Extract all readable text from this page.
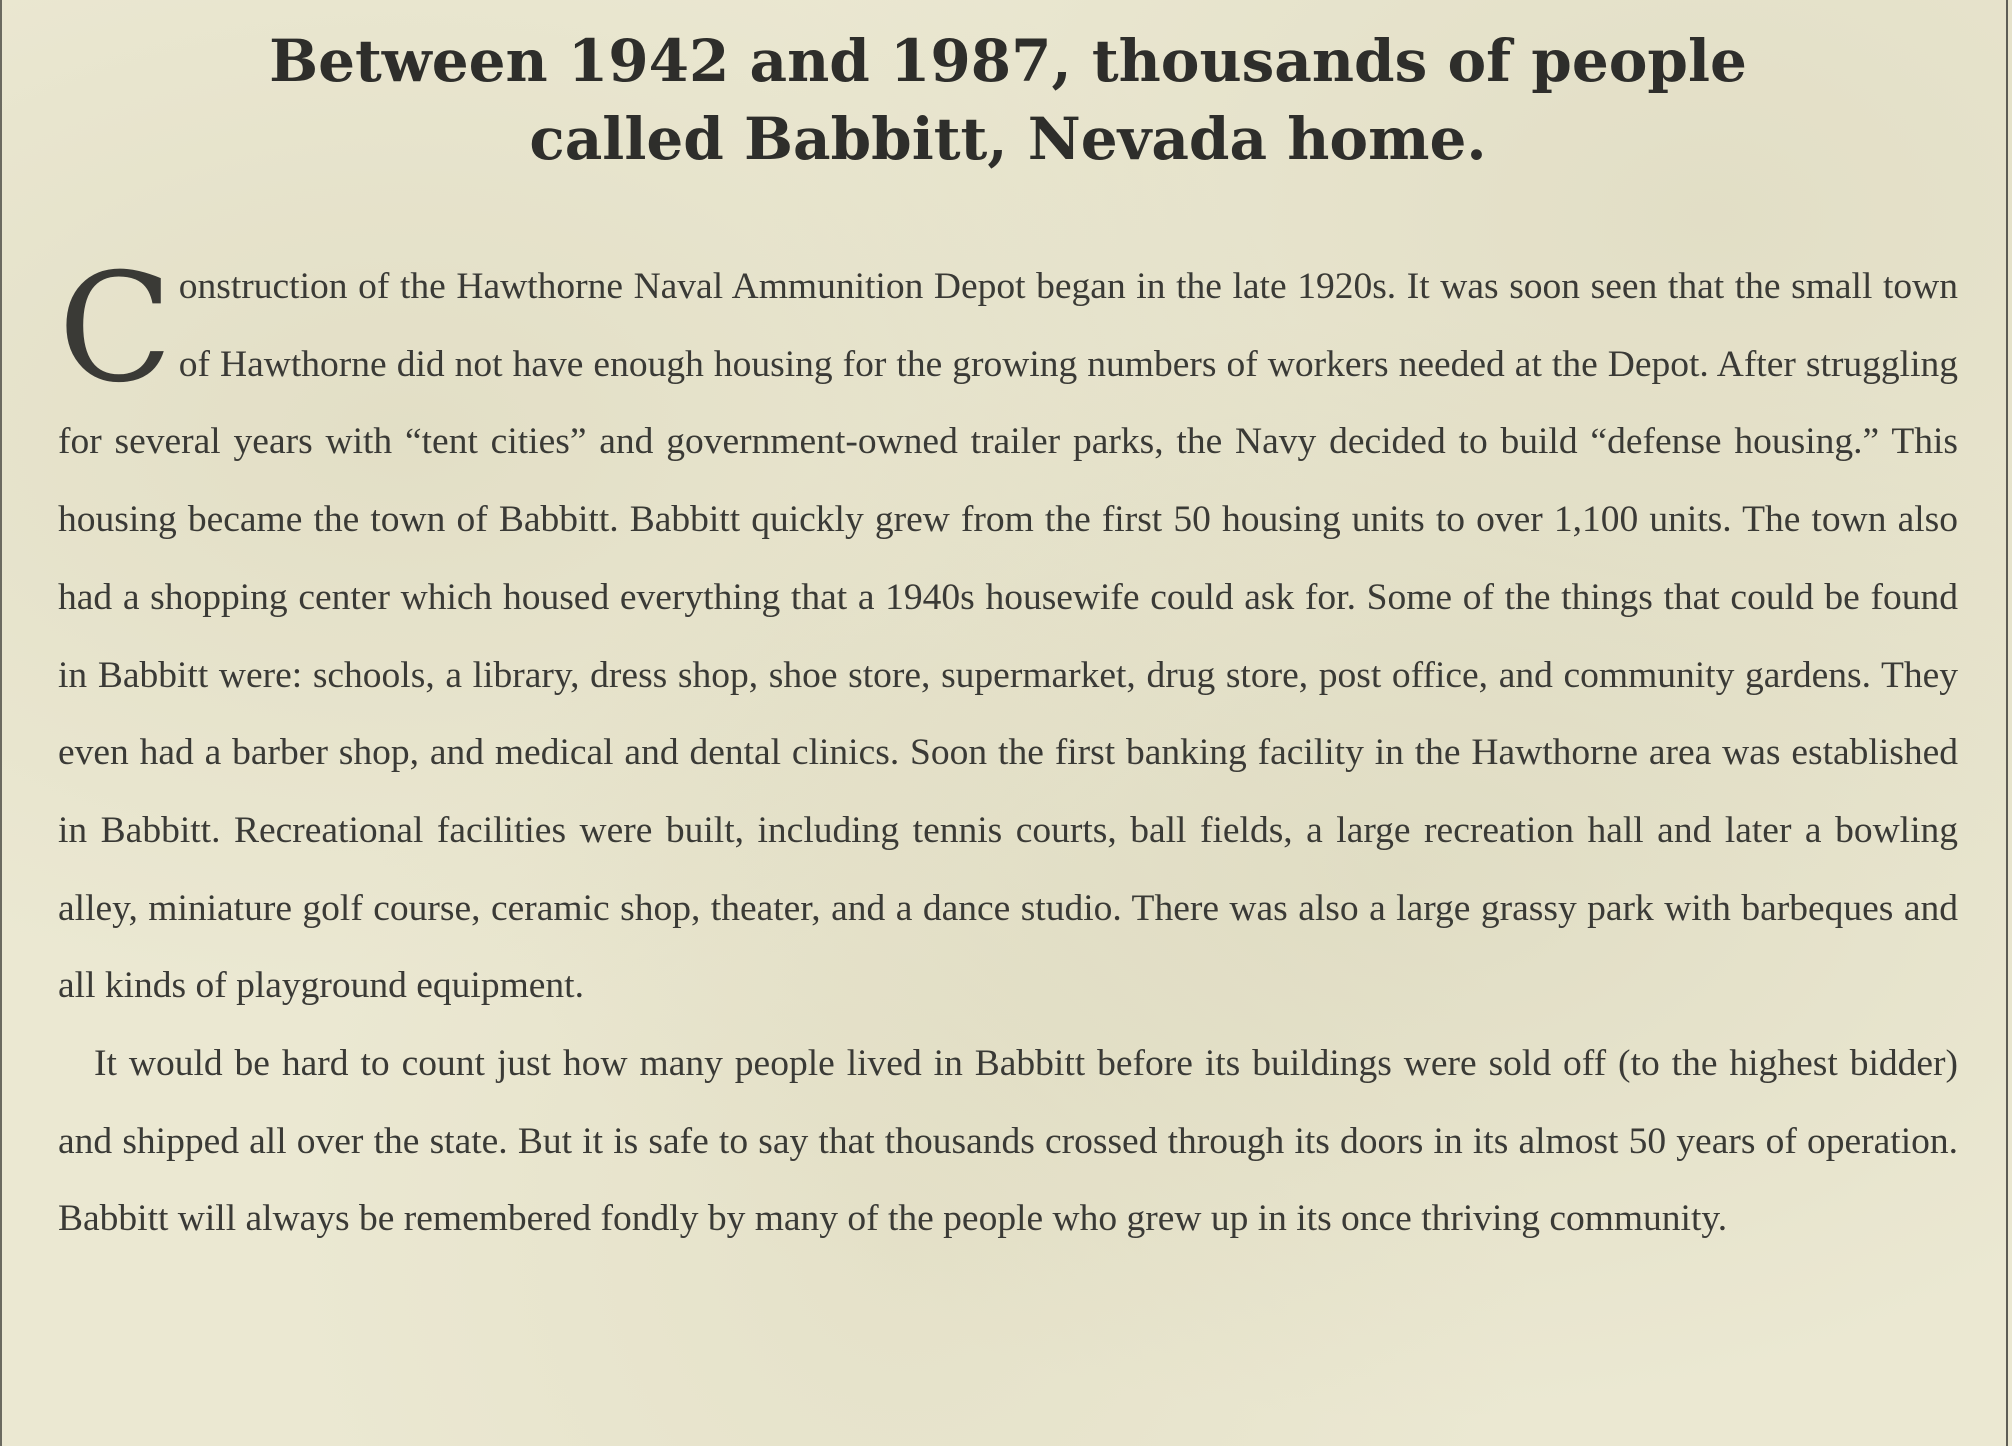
Between 1942 and 1987, thousands of people
called Babbitt, Nevada home.

Construction of the Hawthorne Naval Ammunition Depot began in the late 1920s. It was soon seen that the small town of Hawthorne did not have enough housing for the growing numbers of workers needed at the Depot. After struggling for several years with “tent cities” and government-owned trailer parks, the Navy decided to build “defense housing.” This housing became the town of Babbitt. Babbitt quickly grew from the first 50 housing units to over 1,100 units. The town also had a shopping center which housed everything that a 1940s housewife could ask for. Some of the things that could be found in Babbitt were: schools, a library, dress shop, shoe store, supermarket, drug store, post office, and community gardens. They even had a barber shop, and medical and dental clinics. Soon the first banking facility in the Hawthorne area was established in Babbitt. Recreational facilities were built, including tennis courts, ball fields, a large recreation hall and later a bowling alley, miniature golf course, ceramic shop, theater, and a dance studio. There was also a large grassy park with barbeques and all kinds of playground equipment.

It would be hard to count just how many people lived in Babbitt before its buildings were sold off (to the highest bidder) and shipped all over the state. But it is safe to say that thousands crossed through its doors in its almost 50 years of operation. Babbitt will always be remembered fondly by many of the people who grew up in its once thriving community.
